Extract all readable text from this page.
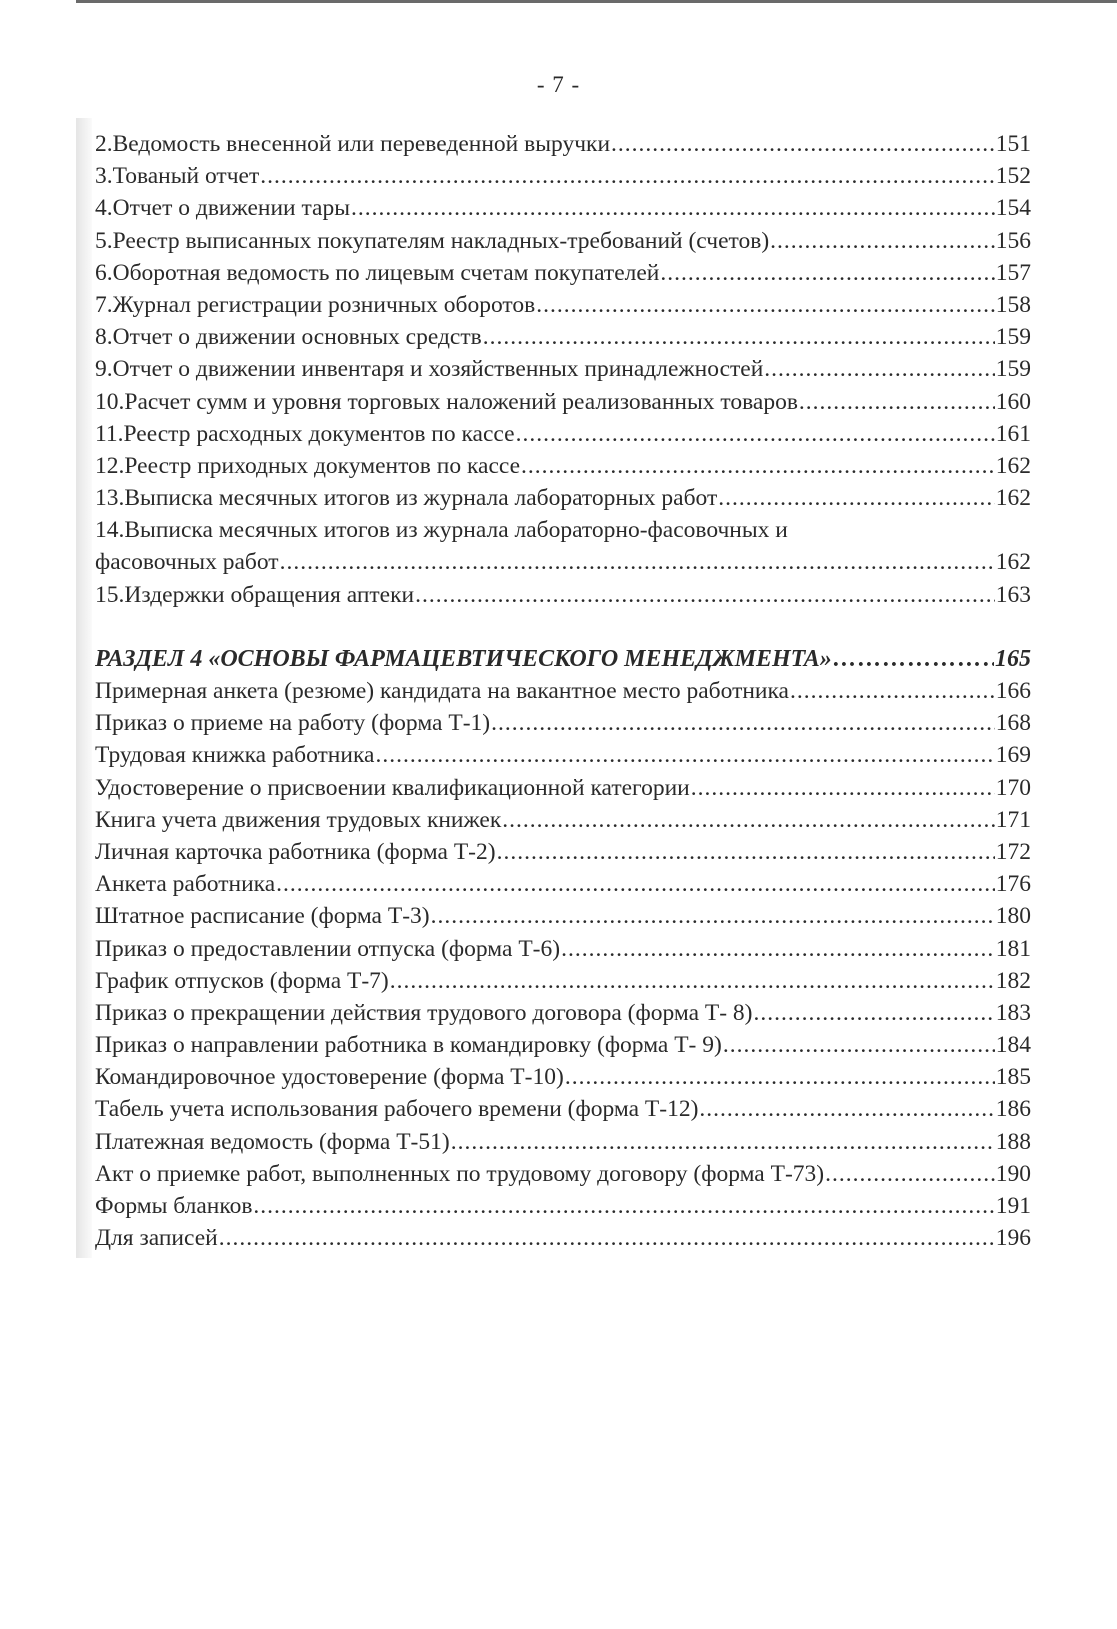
- 7 -
2.Ведомость внесенной или переведенной выручки .....	151
3.Тованый отчет .....	152
4.Отчет о движении тары .....	154
5.Реестр выписанных покупателям накладных-требований (счетов) .....	156
6.Оборотная ведомость по лицевым счетам покупателей .....	157
7.Журнал регистрации розничных оборотов .....	158
8.Отчет о движении основных средств .....	159
9.Отчет о движении инвентаря и хозяйственных принадлежностей .....	159
10.Расчет сумм и уровня торговых наложений реализованных товаров .....	160
11.Реестр расходных документов по кассе .....	161
12.Реестр приходных документов по кассе .....	162
13.Выписка месячных итогов из журнала лабораторных работ .....	162
14.Выписка месячных итогов из журнала лабораторно-фасовочных и
фасовочных работ .....	162
15.Издержки обращения аптеки .....	163
РАЗДЕЛ 4 «ОСНОВЫ ФАРМАЦЕВТИЧЕСКОГО МЕНЕДЖМЕНТА» ……………………………………………………………………………………………………	165
Примерная анкета (резюме) кандидата на вакантное место работника .....	166
Приказ о приеме на работу (форма Т-1) .....	168
Трудовая книжка работника .....	169
Удостоверение о присвоении квалификационной категории .....	170
Книга учета движения трудовых книжек .....	171
Личная карточка работника (форма Т-2) .....	172
Анкета работника .....	176
Штатное расписание (форма Т-3) .....	180
Приказ о предоставлении отпуска (форма Т-6) .....	181
График отпусков (форма Т-7) .....	182
Приказ о прекращении действия трудового договора (форма Т- 8) .....	183
Приказ о направлении работника в командировку (форма Т- 9) .....	184
Командировочное удостоверение (форма Т-10) .....	185
Табель учета использования рабочего времени (форма Т-12) .....	186
Платежная ведомость (форма Т-51) .....	188
Акт о приемке работ, выполненных по трудовому договору (форма Т-73) .....	190
Формы бланков .....	191
Для записей .....	196
